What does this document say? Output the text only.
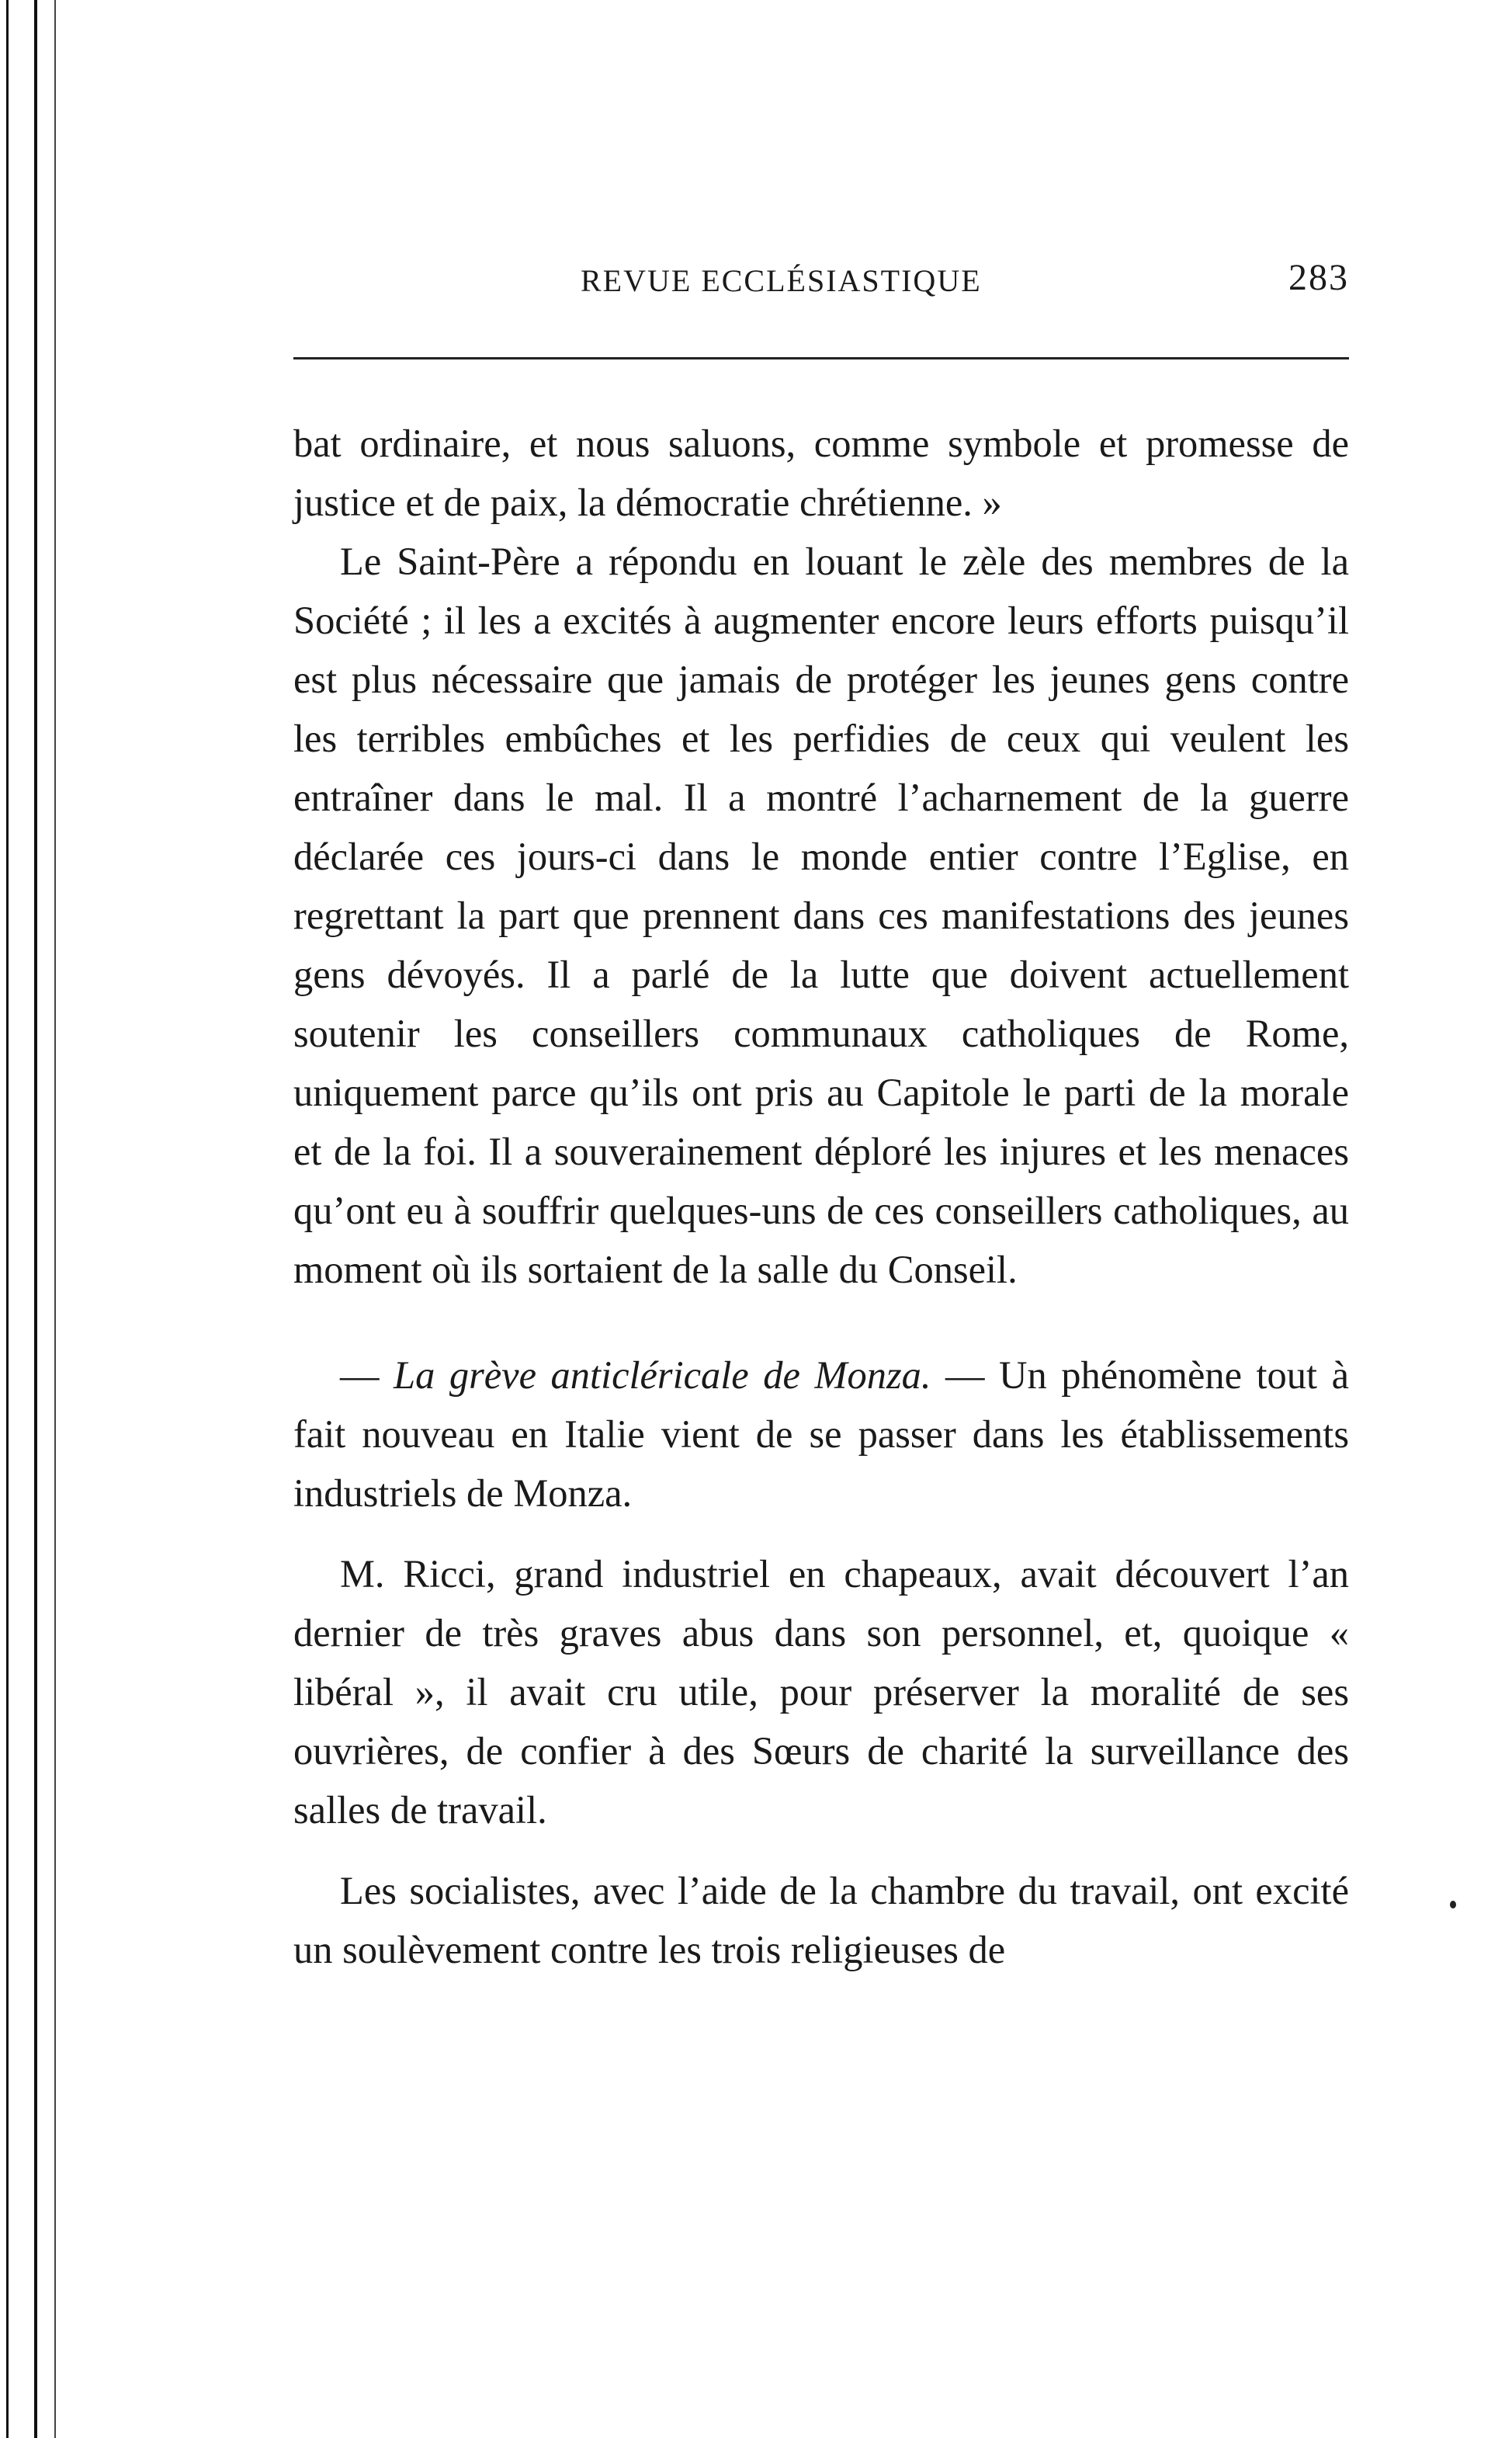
REVUE ECCLÉSIASTIQUE	283

bat ordinaire, et nous saluons, comme symbole et promesse de justice et de paix, la démocratie chrétienne. »

Le Saint-Père a répondu en louant le zèle des membres de la Société ; il les a excités à augmenter encore leurs efforts puisqu’il est plus nécessaire que jamais de protéger les jeunes gens contre les terribles embûches et les perfidies de ceux qui veulent les entraîner dans le mal. Il a montré l’acharnement de la guerre déclarée ces jours-ci dans le monde entier contre l’Eglise, en regrettant la part que prennent dans ces manifestations des jeunes gens dévoyés. Il a parlé de la lutte que doivent actuellement soutenir les conseillers communaux catholiques de Rome, uniquement parce qu’ils ont pris au Capitole le parti de la morale et de la foi. Il a souverainement déploré les injures et les menaces qu’ont eu à souffrir quelques-uns de ces conseillers catholiques, au moment où ils sortaient de la salle du Conseil.

— La grève anticléricale de Monza. — Un phénomène tout à fait nouveau en Italie vient de se passer dans les établissements industriels de Monza.

M. Ricci, grand industriel en chapeaux, avait découvert l’an dernier de très graves abus dans son personnel, et, quoique « libéral », il avait cru utile, pour préserver la moralité de ses ouvrières, de confier à des Sœurs de charité la surveillance des salles de travail.

Les socialistes, avec l’aide de la chambre du travail, ont excité un soulèvement contre les trois religieuses de
